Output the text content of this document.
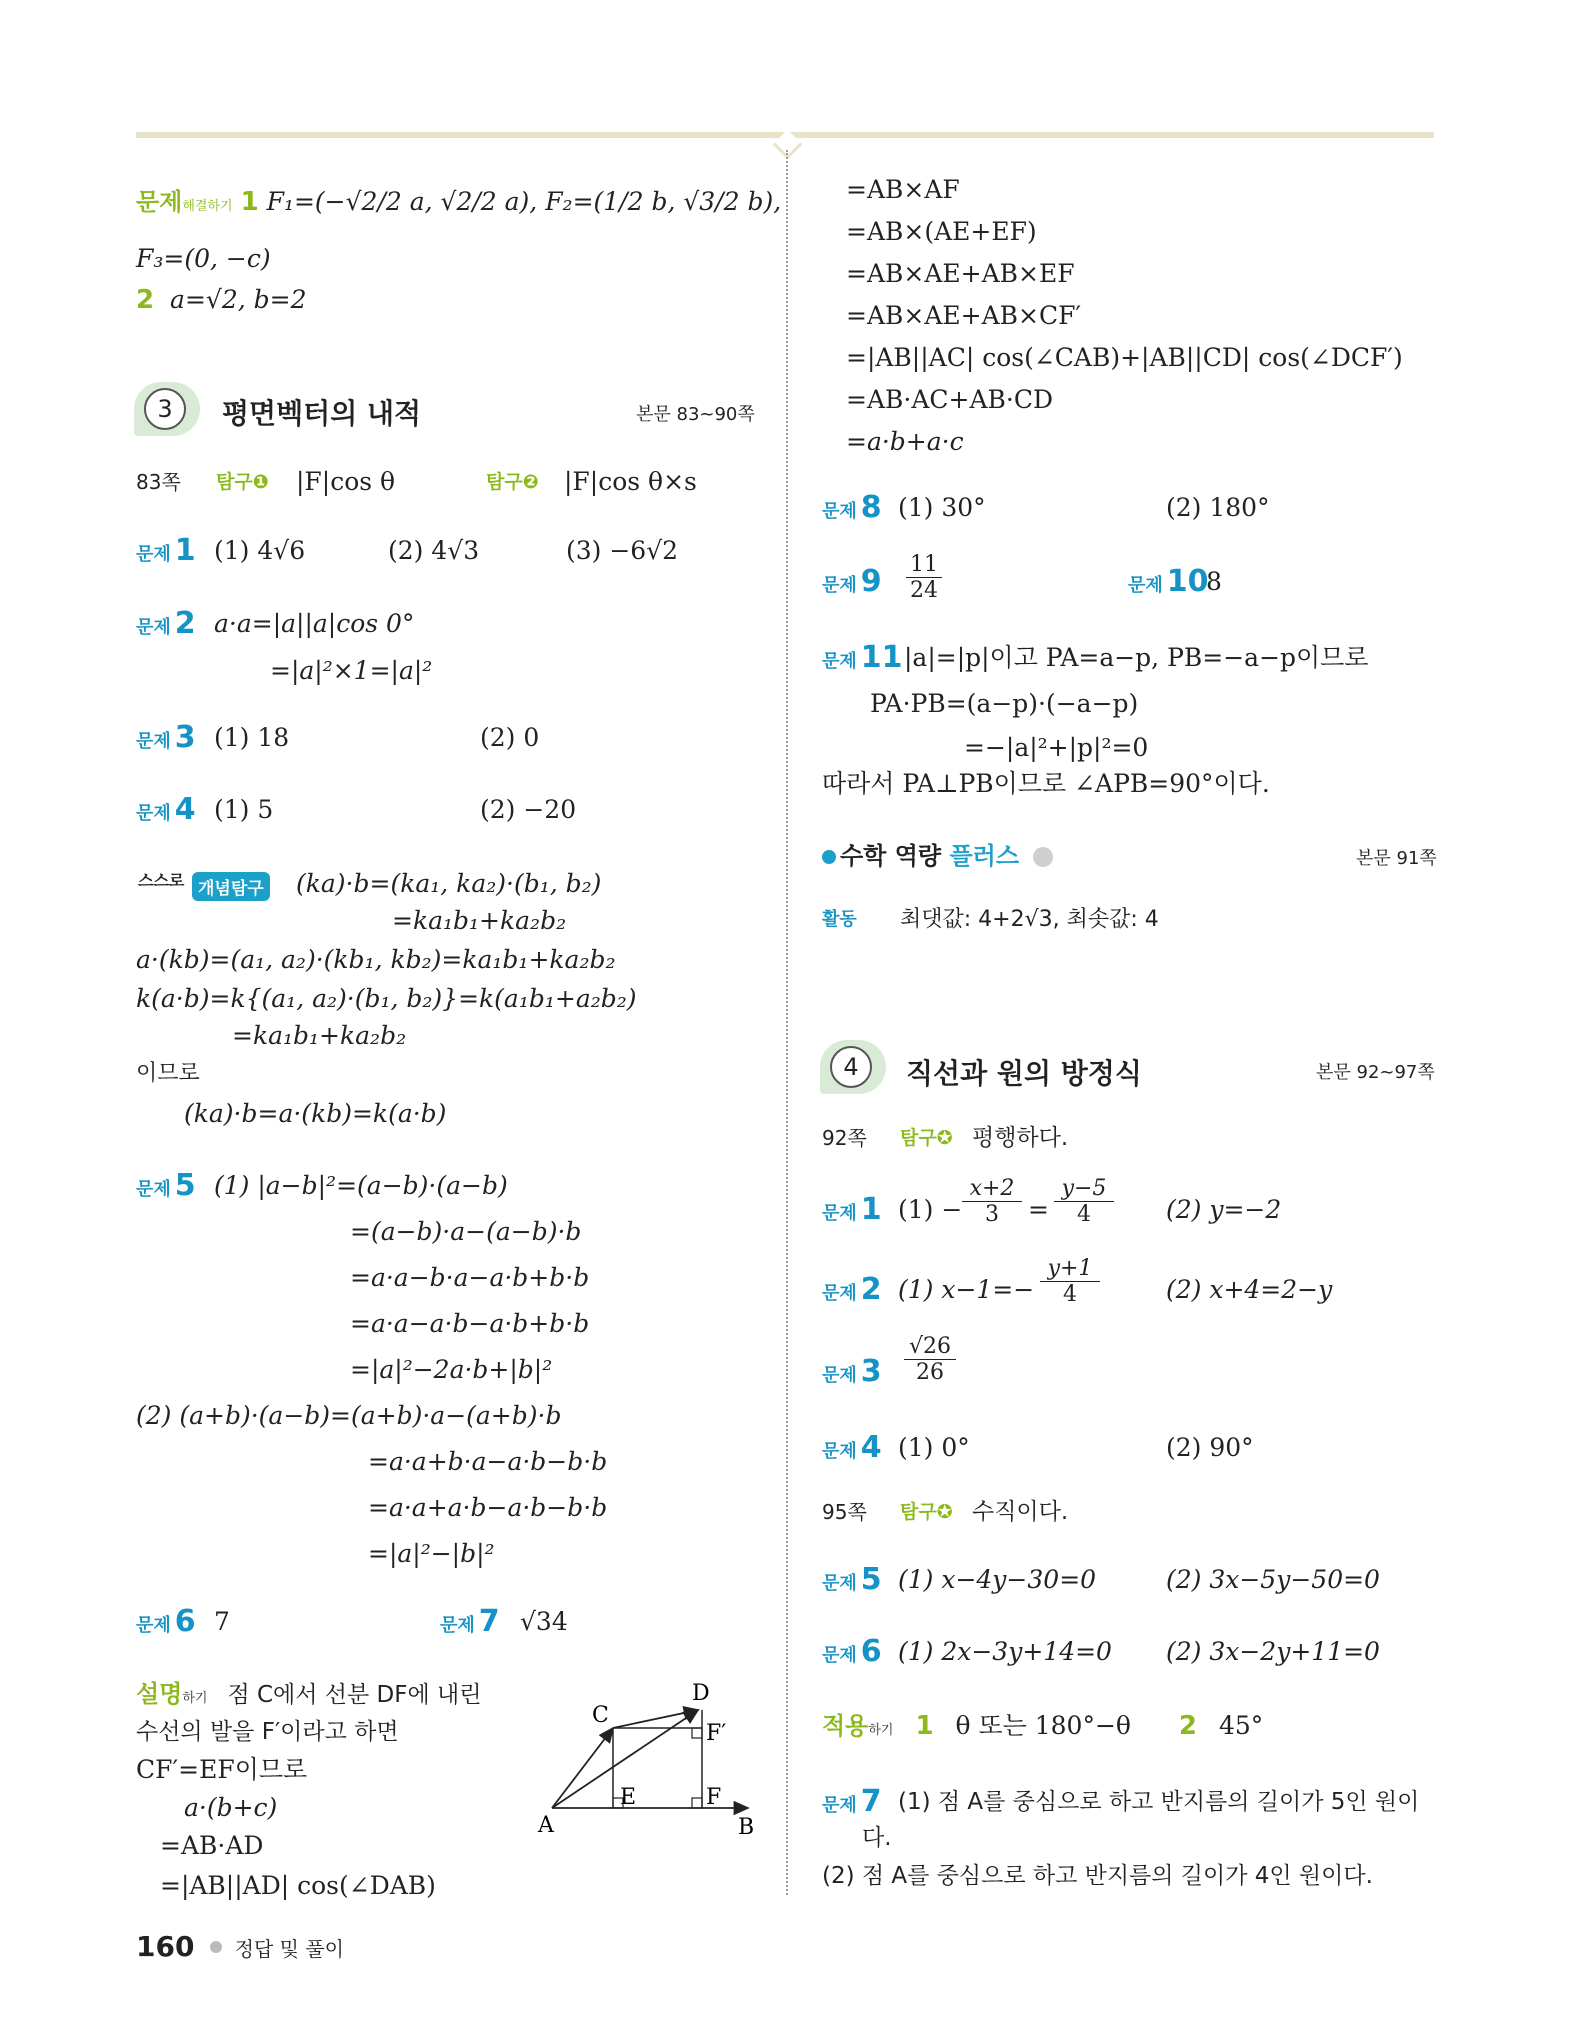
문제해결하기 1 F₁=(−√2/2 a, √2/2 a), F₂=(1/2 b, √3/2 b),
F₃=(0, −c)
2 a=√2, b=2
3	평면벡터의 내적	본문 83~90쪽
83쪽 탐구❶ |F|cos θ	탐구❷ |F|cos θ×s
문제 1 (1) 4√6	(2) 4√3	(3) −6√2
문제 2 a·a=|a||a|cos 0°
=|a|²×1=|a|²
문제 3 (1) 18	(2) 0
문제 4 (1) 5	(2) −20
스스로 개념탐구 (ka)·b=(ka₁, ka₂)·(b₁, b₂)
=ka₁b₁+ka₂b₂
a·(kb)=(a₁, a₂)·(kb₁, kb₂)=ka₁b₁+ka₂b₂
k(a·b)=k{(a₁, a₂)·(b₁, b₂)}=k(a₁b₁+a₂b₂)
=ka₁b₁+ka₂b₂
이므로
(ka)·b=a·(kb)=k(a·b)
문제 5 (1) |a−b|²=(a−b)·(a−b)
=(a−b)·a−(a−b)·b
=a·a−b·a−a·b+b·b
=a·a−a·b−a·b+b·b
=|a|²−2a·b+|b|²
(2) (a+b)·(a−b)=(a+b)·a−(a+b)·b
=a·a+b·a−a·b−b·b
=a·a+a·b−a·b−b·b
=|a|²−|b|²
문제 6 7	문제 7 √34
설명하기 점 C에서 선분 DF에 내린
수선의 발을 F′이라고 하면
CF′=EF이므로
a·(b+c)
=AB·AD
=|AB||AD| cos(∠DAB)
A	B
C
D
E	F
F′
=AB×AF
=AB×(AE+EF)
=AB×AE+AB×EF
=AB×AE+AB×CF′
=|AB||AC| cos(∠CAB)+|AB||CD| cos(∠DCF′)
=AB·AC+AB·CD
=a·b+a·c
문제 8 (1) 30°	(2) 180°
문제 9 11
24	문제 10
8
문제 11 |a|=|p|이고 PA=a−p, PB=−a−p이므로
PA·PB=(a−p)·(−a−p)
=−|a|²+|p|²=0
따라서 PA⊥PB이므로 ∠APB=90°이다.
수학 역량 플러스	본문 91쪽
활동 최댓값: 4+2√3, 최솟값: 4
4	직선과 원의 방정식	본문 92~97쪽
92쪽 탐구✪ 평행하다.
문제 1 (1) −
x+2
3	=
y−5
4	(2) y=−2
문제 2 (1) x−1=−
y+1
4	(2) x+4=2−y
문제 3
√26
26
문제 4 (1) 0°	(2) 90°
95쪽 탐구✪ 수직이다.
문제 5 (1) x−4y−30=0	(2) 3x−5y−50=0
문제 6 (1) 2x−3y+14=0 (2) 3x−2y+11=0
적용하기 1 θ 또는 180°−θ 2 45°
문제 7 (1) 점 A를 중심으로 하고 반지름의 길이가 5인 원이
다.
(2) 점 A를 중심으로 하고 반지름의 길이가 4인 원이다.
160 정답 및 풀이
